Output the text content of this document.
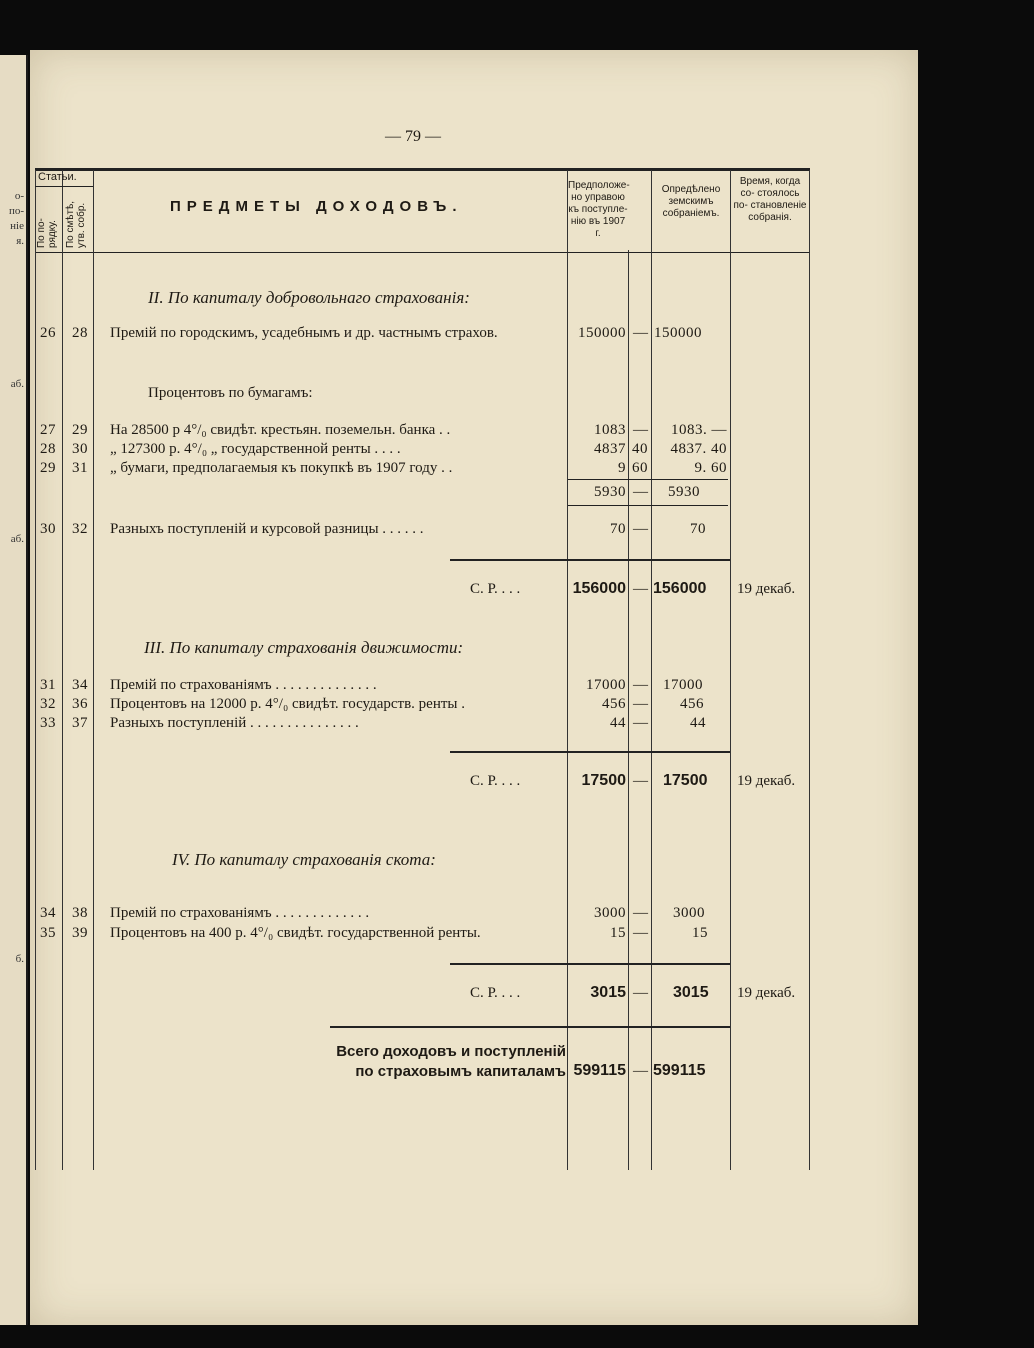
о-
по-
ніе
я.
аб.
аб.
б.
— 79 —
Статьи.
По по- рядку. По смѣтѣ, утв. собр.	ПРЕДМЕТЫ ДОХОДОВЪ.
Предположе- но управою къ поступле- нію въ 1907 г.
Опредѣлено земскимъ собраніемъ.
Время, когда со- стоялось по- становленіе собранія.
II. По капиталу добровольнаго страхованія:
26 28 Премій по городскимъ, усадебнымъ и др. частнымъ страхов.	150000 — 150000
Процентовъ по бумагамъ:
27 29 На 28500 р 4°/₀ свидѣт. крестьян. поземельн. банка . .	1083 —	1083. —
28 30 „ 127300 р. 4°/₀ „ государственной ренты . . . .	4837 40	4837. 40
29 31 „ бумаги, предполагаемыя къ покупкѣ въ 1907 году . .	9 60	9. 60
5930 — 5930
30 32 Разныхъ поступленій и курсовой разницы . . . . . .	70 —	70
С. Р. . . .	156000 — 156000 19 декаб.
III. По капиталу страхованія движимости:
31 34 Премій по страхованіямъ . . . . . . . . . . . . . .	17000 — 17000
32 36 Процентовъ на 12000 р. 4°/₀ свидѣт. государств. ренты .	456 — 456
33 37 Разныхъ поступленій . . . . . . . . . . . . . . .	44 —	44
С. Р. . . .	17500 — 17500 19 декаб.
IV. По капиталу страхованія скота:
34 38 Премій по страхованіямъ . . . . . . . . . . . . .	3000 — 3000
35 39 Процентовъ на 400 р. 4°/₀ свидѣт. государственной ренты.	15 —	15
С. Р. . . .	3015 — 3015 19 декаб.
Всего доходовъ и поступленій
по страховымъ капиталамъ 599115 — 599115
